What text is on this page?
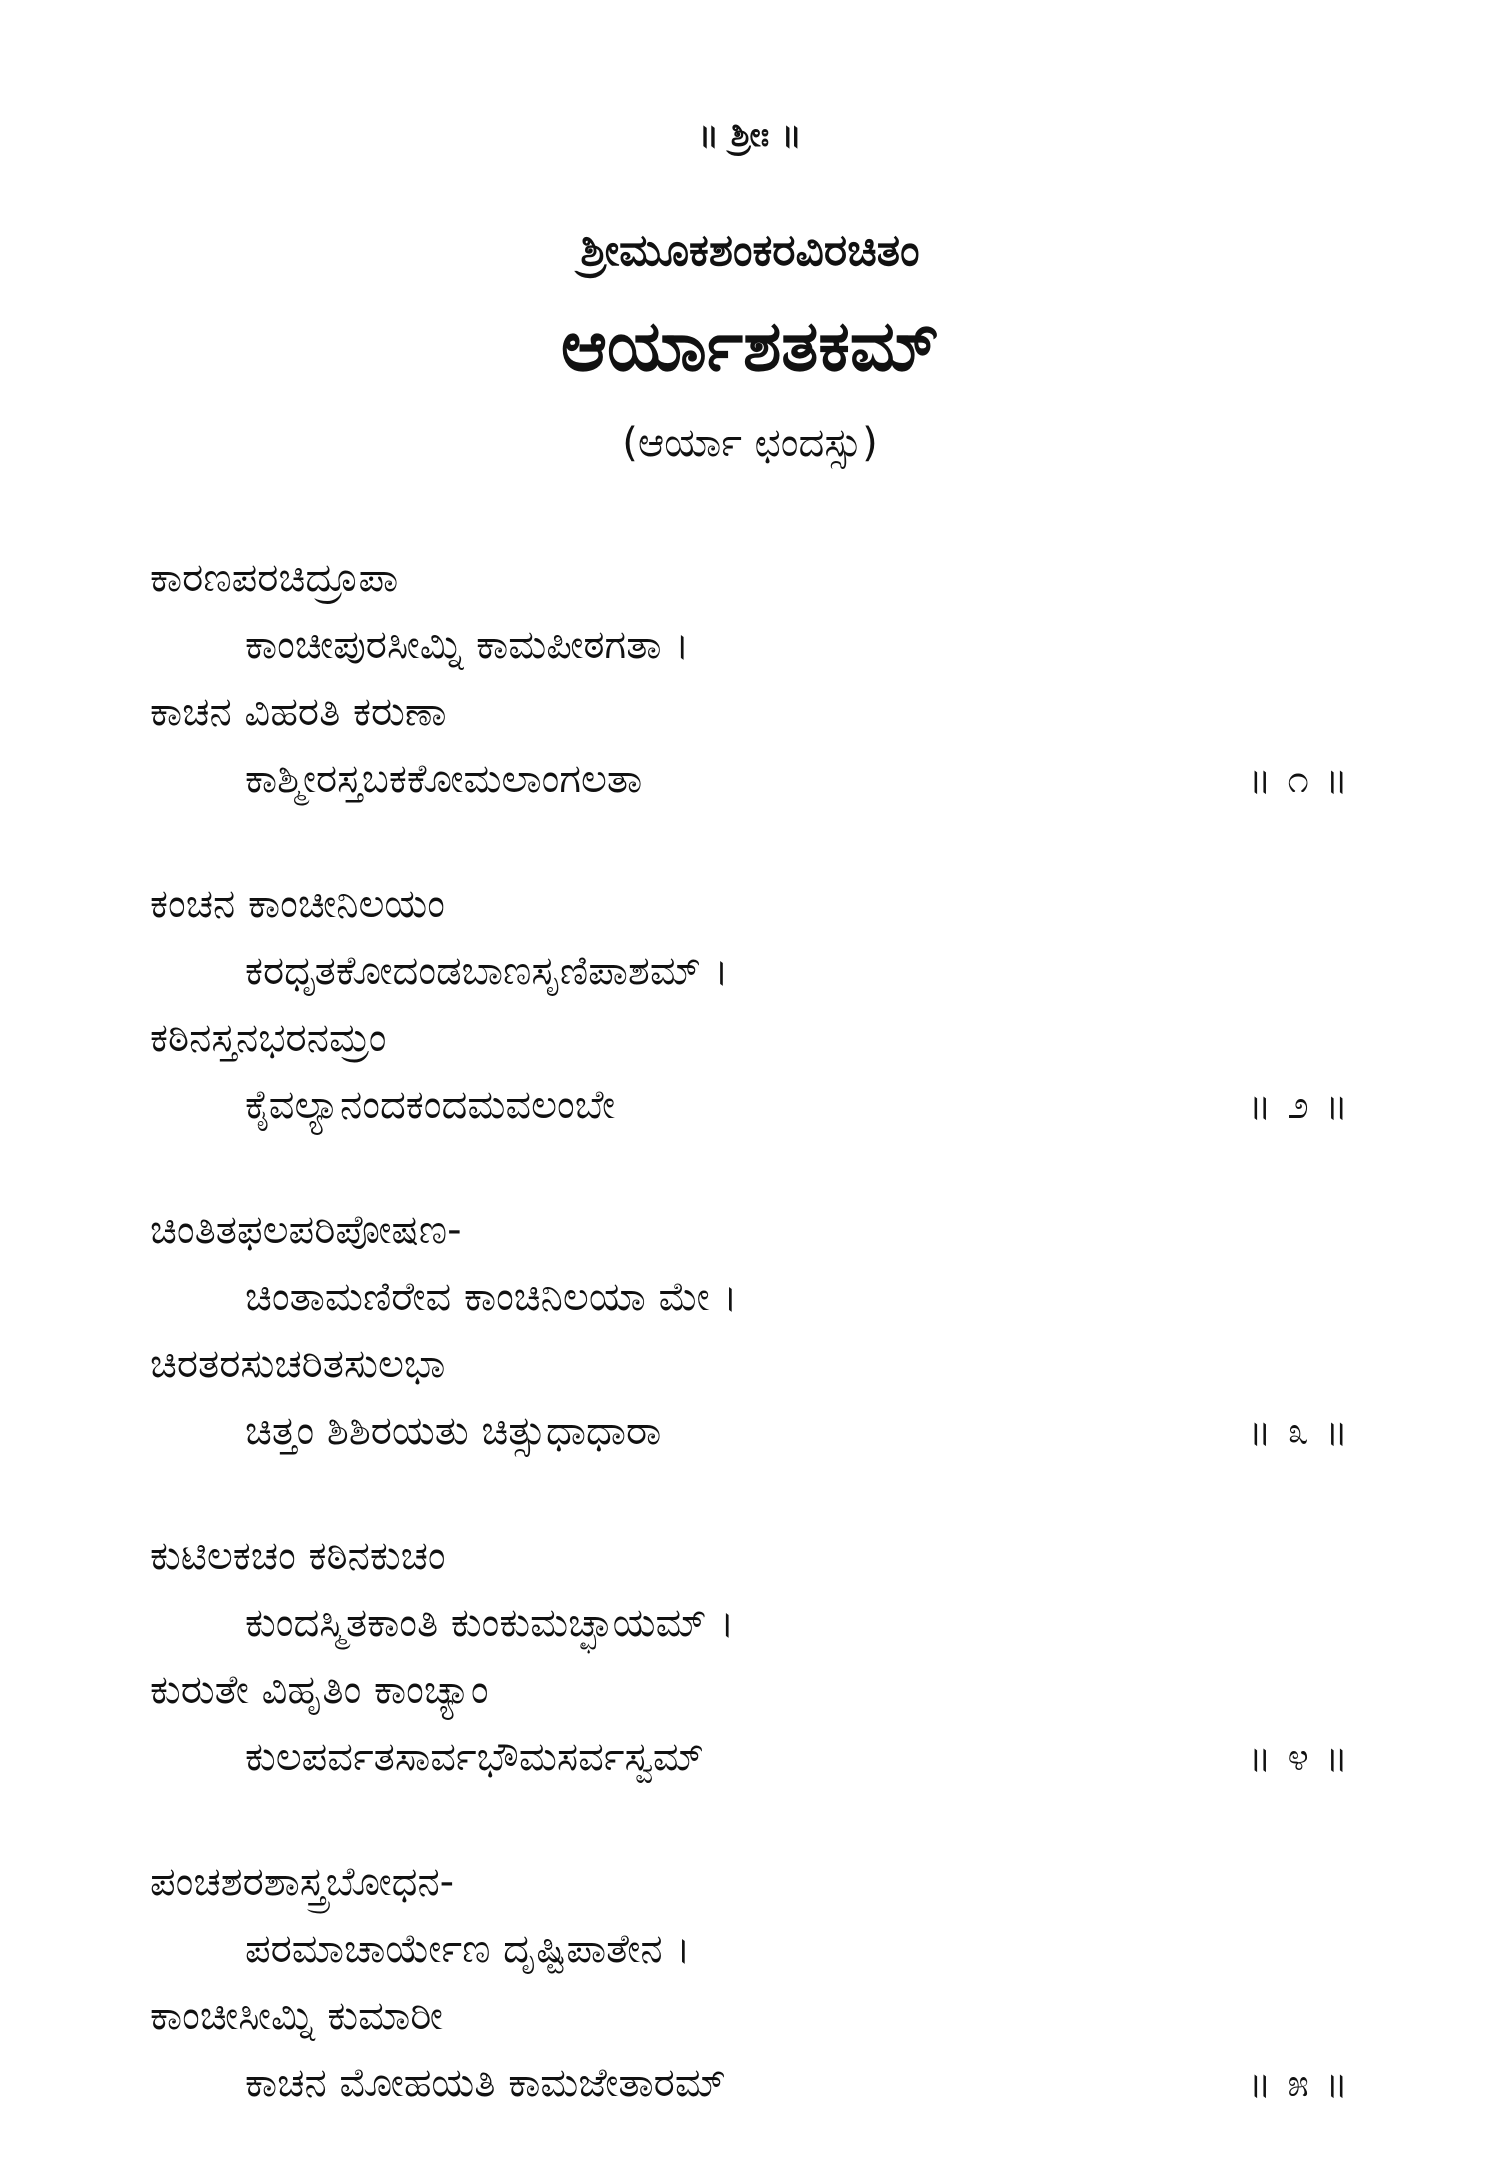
॥ ಶ್ರೀಃ ॥
ಶ್ರೀಮೂಕಶಂಕರವಿರಚಿತಂ
ಆರ್ಯಾಶತಕಮ್
(ಆರ್ಯಾ ಛಂದಸ್ಸು)
ಕಾರಣಪರಚಿದ್ರೂಪಾ
ಕಾಂಚೀಪುರಸೀಮ್ನಿ ಕಾಮಪೀಠಗತಾ ।
ಕಾಚನ ವಿಹರತಿ ಕರುಣಾ
ಕಾಶ್ಮೀರಸ್ತಬಕಕೋಮಲಾಂಗಲತಾ	॥ ೧ ॥
ಕಂಚನ ಕಾಂಚೀನಿಲಯಂ
ಕರಧೃತಕೋದಂಡಬಾಣಸೃಣಿಪಾಶಮ್ ।
ಕಠಿನಸ್ತನಭರನಮ್ರಂ
ಕೈವಲ್ಯಾನಂದಕಂದಮವಲಂಬೇ	॥ ೨ ॥
ಚಿಂತಿತಫಲಪರಿಪೋಷಣ-
ಚಿಂತಾಮಣಿರೇವ ಕಾಂಚಿನಿಲಯಾ ಮೇ ।
ಚಿರತರಸುಚರಿತಸುಲಭಾ
ಚಿತ್ತಂ ಶಿಶಿರಯತು ಚಿತ್ಸುಧಾಧಾರಾ	॥ ೩ ॥
ಕುಟಿಲಕಚಂ ಕಠಿನಕುಚಂ
ಕುಂದಸ್ಮಿತಕಾಂತಿ ಕುಂಕುಮಚ್ಛಾಯಮ್ ।
ಕುರುತೇ ವಿಹೃತಿಂ ಕಾಂಚ್ಯಾಂ
ಕುಲಪರ್ವತಸಾರ್ವಭೌಮಸರ್ವಸ್ವಮ್	॥ ೪ ॥
ಪಂಚಶರಶಾಸ್ತ್ರಬೋಧನ-
ಪರಮಾಚಾರ್ಯೇಣ ದೃಷ್ಟಿಪಾತೇನ ।
ಕಾಂಚೀಸೀಮ್ನಿ ಕುಮಾರೀ
ಕಾಚನ ಮೋಹಯತಿ ಕಾಮಜೇತಾರಮ್	॥ ೫ ॥
